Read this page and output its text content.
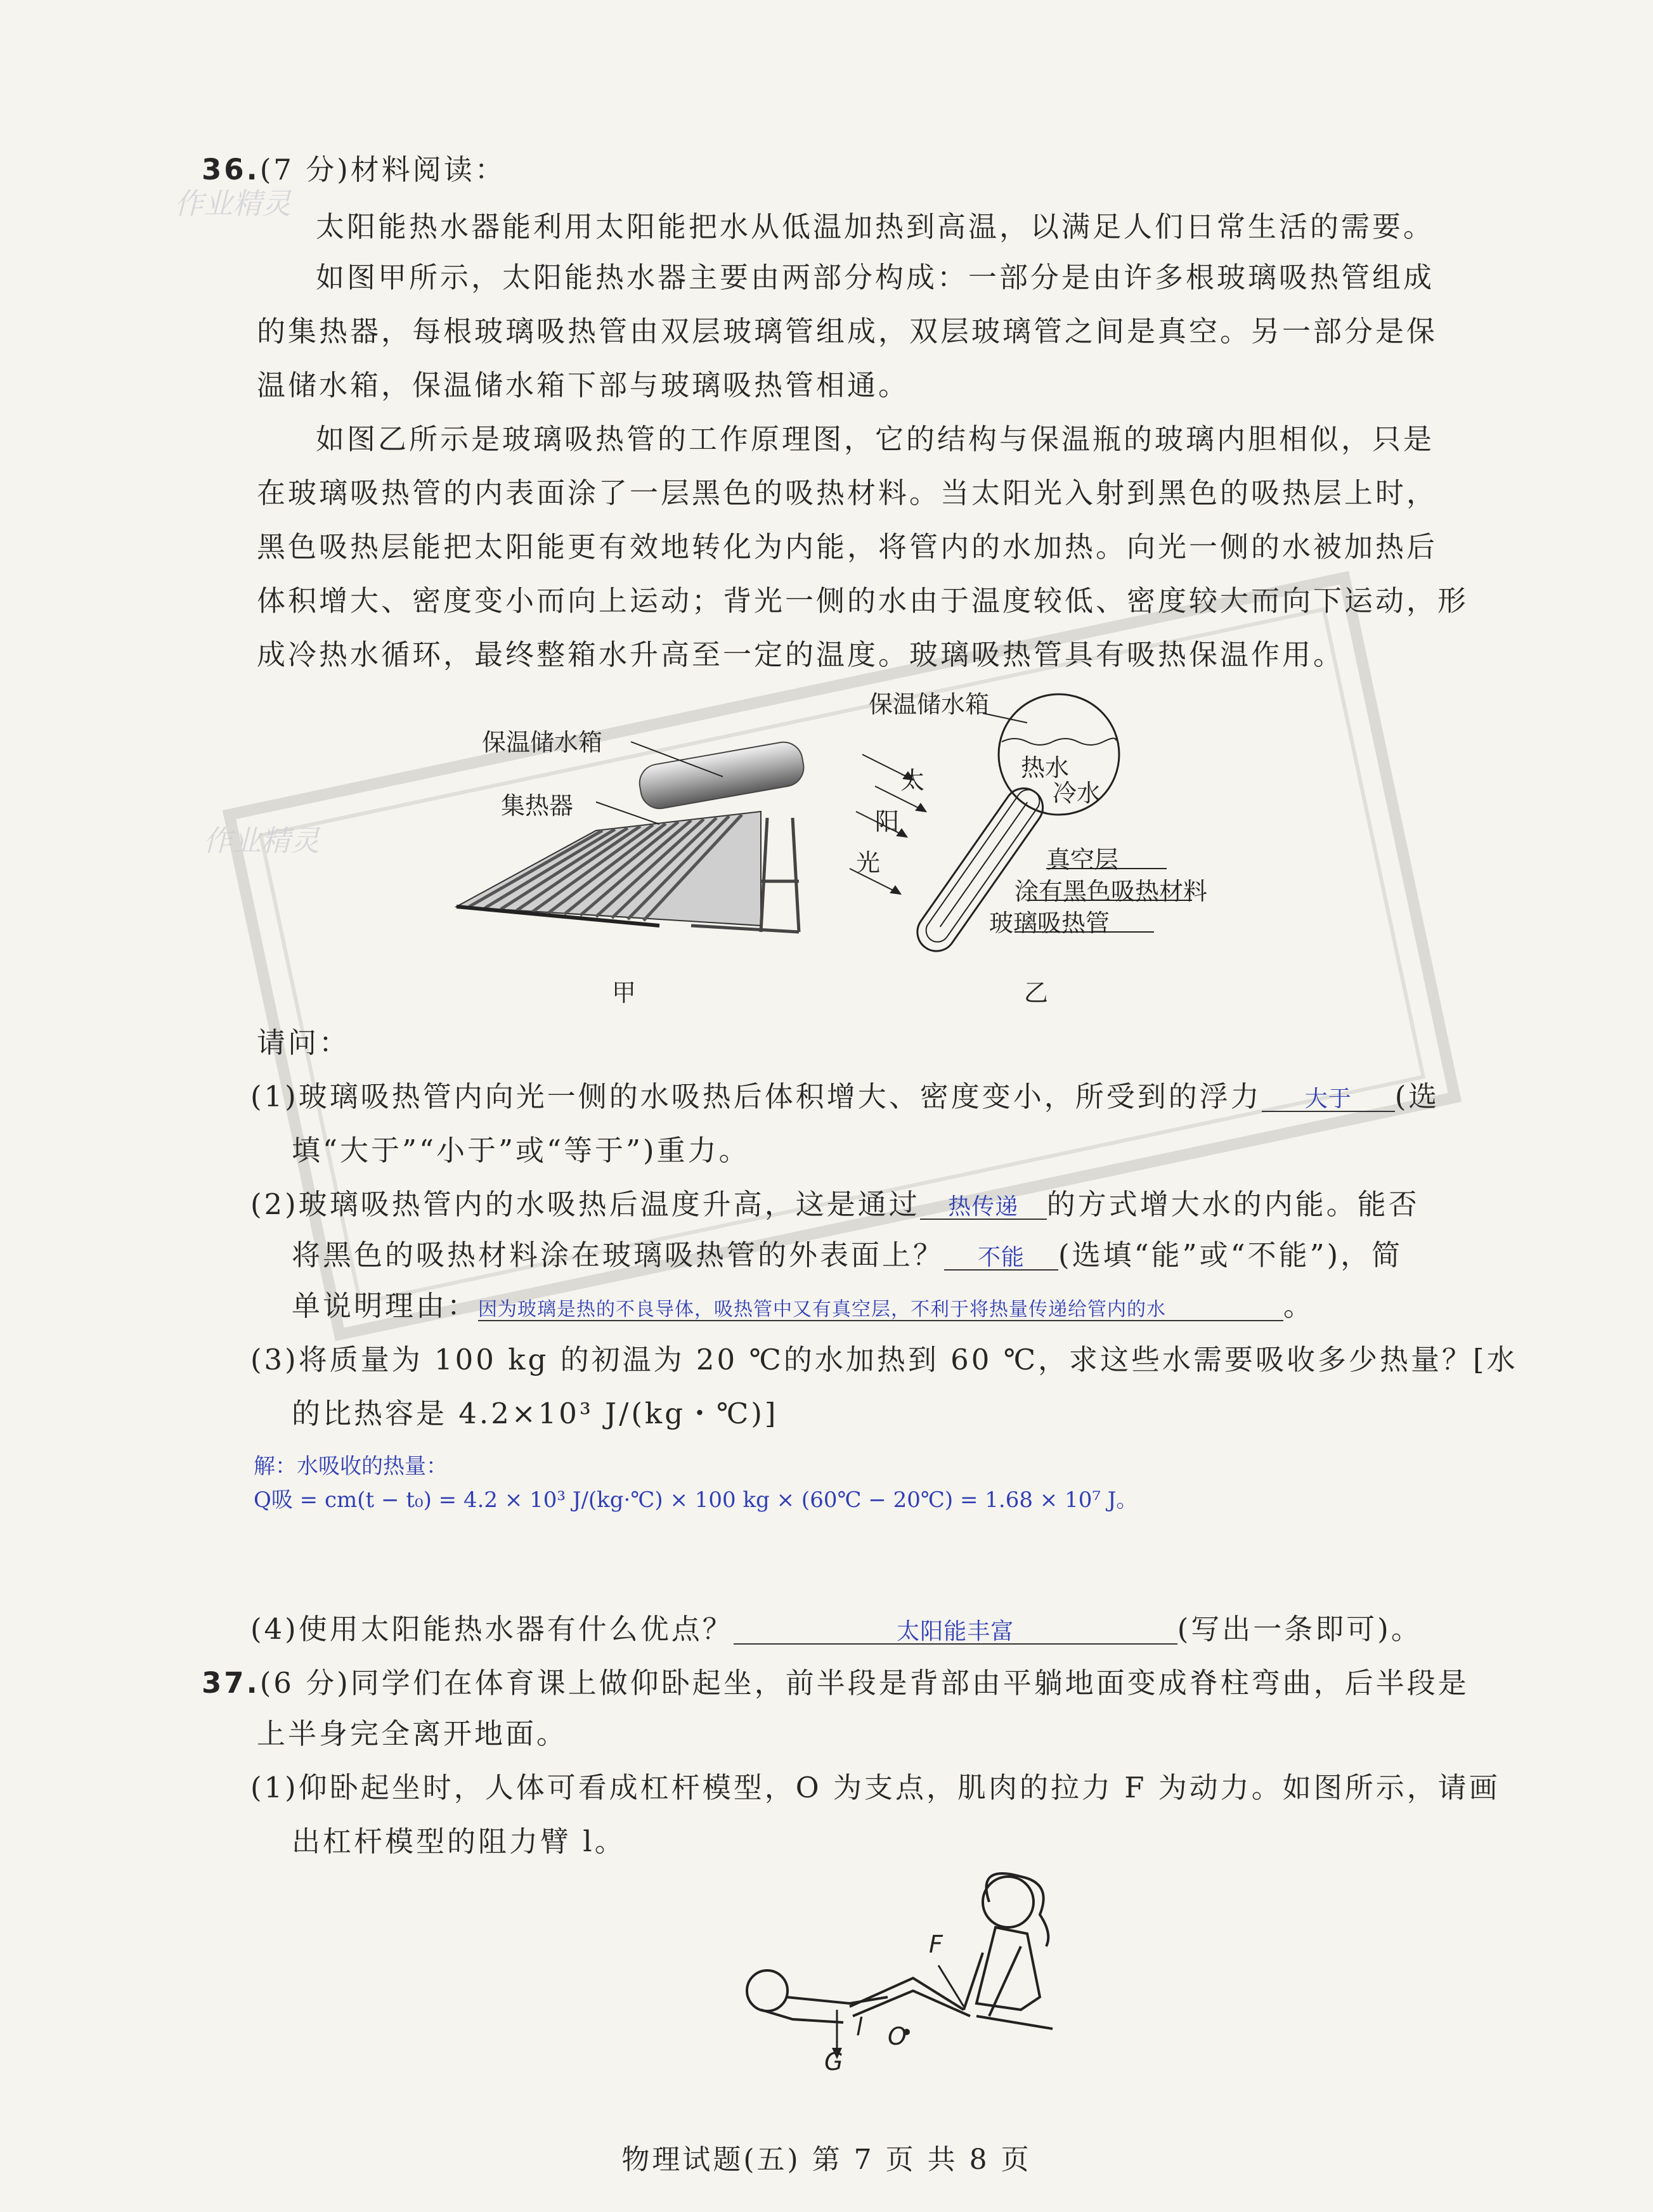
作业精灵
作业精灵
36.(7 分)材料阅读：
太阳能热水器能利用太阳能把水从低温加热到高温，以满足人们日常生活的需要。
如图甲所示，太阳能热水器主要由两部分构成：一部分是由许多根玻璃吸热管组成
的集热器，每根玻璃吸热管由双层玻璃管组成，双层玻璃管之间是真空。另一部分是保
温储水箱，保温储水箱下部与玻璃吸热管相通。
如图乙所示是玻璃吸热管的工作原理图，它的结构与保温瓶的玻璃内胆相似，只是
在玻璃吸热管的内表面涂了一层黑色的吸热材料。当太阳光入射到黑色的吸热层上时，
黑色吸热层能把太阳能更有效地转化为内能，将管内的水加热。向光一侧的水被加热后
体积增大、密度变小而向上运动；背光一侧的水由于温度较低、密度较大而向下运动，形
成冷热水循环，最终整箱水升高至一定的温度。玻璃吸热管具有吸热保温作用。
保温储水箱
集热器
甲
保温储水箱
热水
冷水
太
阳
光	真空层
涂有黑色吸热材料
玻璃吸热管
乙
请问：
(1)玻璃吸热管内向光一侧的水吸热后体积增大、密度变小，所受到的浮力 大于 (选
填“大于”“小于”或“等于”)重力。
(2)玻璃吸热管内的水吸热后温度升高，这是通过 热传递 的方式增大水的内能。能否
将黑色的吸热材料涂在玻璃吸热管的外表面上？ 不能 (选填“能”或“不能”)，简
单说明理由：因为玻璃是热的不良导体，吸热管中又有真空层，不利于将热量传递给管内的水	。
(3)将质量为 100 kg 的初温为 20 ℃的水加热到 60 ℃，求这些水需要吸收多少热量？[水
的比热容是 4.2×10³ J/(kg・℃)]
解：水吸收的热量：
Q吸 = cm(t − t₀) = 4.2 × 10³ J/(kg·℃) × 100 kg × (60℃ − 20℃) = 1.68 × 10⁷ J。
(4)使用太阳能热水器有什么优点？	太阳能丰富	(写出一条即可)。
37.(6 分)同学们在体育课上做仰卧起坐，前半段是背部由平躺地面变成脊柱弯曲，后半段是
上半身完全离开地面。
(1)仰卧起坐时，人体可看成杠杆模型，O 为支点，肌肉的拉力 F 为动力。如图所示，请画
出杠杆模型的阻力臂 l。
F
G
l O
物理试题(五) 第 7 页 共 8 页
